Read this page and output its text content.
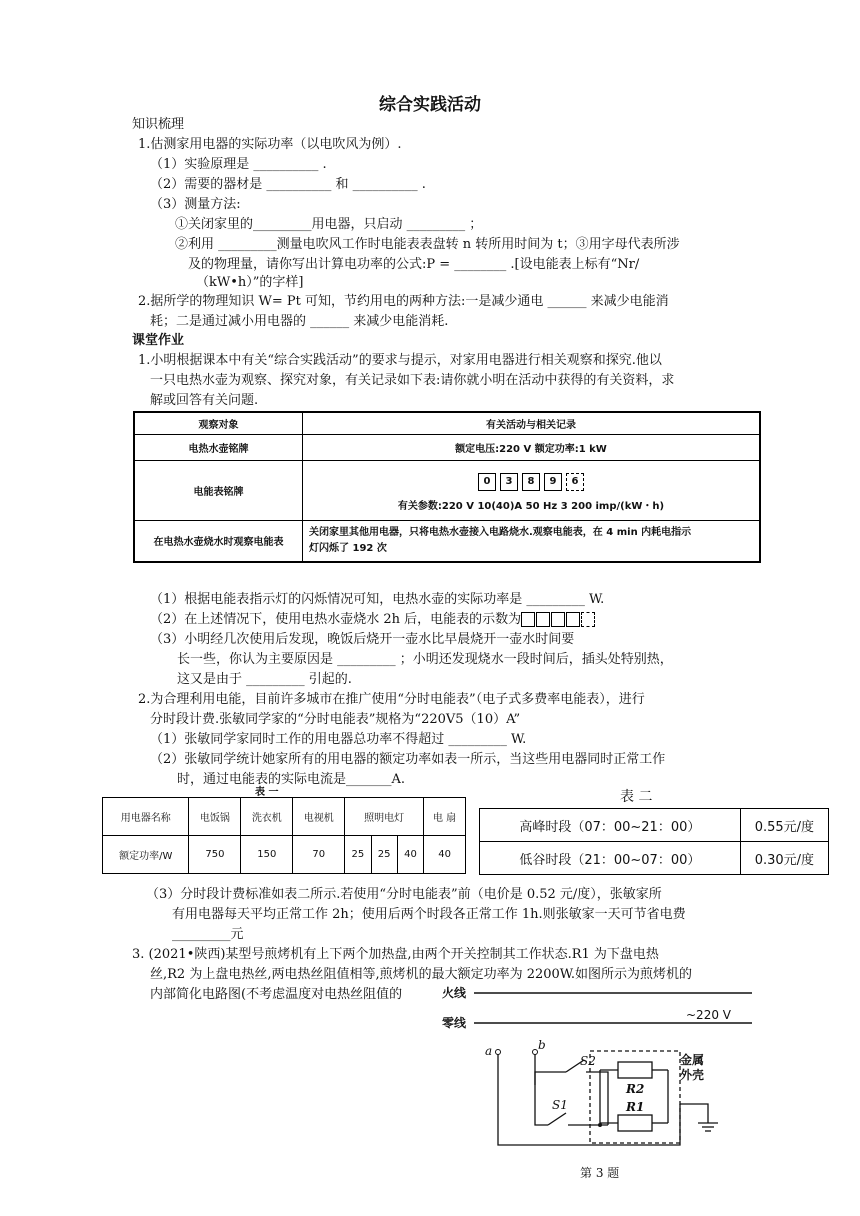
综合实践活动
知识梳理
1.估测家用电器的实际功率（以电吹风为例）.
（1）实验原理是 __________ .
（2）需要的器材是 __________ 和 __________ .
（3）测量方法:
①关闭家里的_________用电器，只启动 _________ ；
②利用 _________测量电吹风工作时电能表表盘转 n 转所用时间为 t；③用字母代表所涉
及的物理量，请你写出计算电功率的公式:P = ________ .[设电能表上标有“Nr/
（kW•h）”的字样]
2.据所学的物理知识 W= Pt 可知，节约用电的两种方法:一是减少通电 ______ 来减少电能消
耗；二是通过减小用电器的 ______ 来减少电能消耗.
课堂作业
1.小明根据课本中有关“综合实践活动”的要求与提示，对家用电器进行相关观察和探究.他以
一只电热水壶为观察、探究对象，有关记录如下表:请你就小明在活动中获得的有关资料，求
解或回答有关问题.
观察对象	有关活动与相关记录
电热水壶铭牌	额定电压:220 V 额定功率:1 kW
电能表铭牌	0 3 8 9 6
有关参数:220 V 10(40)A 50 Hz 3 200 imp/(kW・h)

在电热水壶烧水时观察电能表	关闭家里其他用电器，只将电热水壶接入电路烧水.观察电能表，在 4 min 内耗电指示
灯闪烁了 192 次
（1）根据电能表指示灯的闪烁情况可知，电热水壶的实际功率是 _________ W.
（2）在上述情况下，使用电热水壶烧水 2h 后，电能表的示数为
（3）小明经几次使用后发现，晚饭后烧开一壶水比早晨烧开一壶水时间要
长一些，你认为主要原因是 _________ ；小明还发现烧水一段时间后，插头处特别热，
这又是由于 _________ 引起的.
2.为合理利用电能，目前许多城市在推广使用“分时电能表”（电子式多费率电能表），进行
分时段计费.张敏同学家的“分时电能表”规格为“220V5（10）A”
（1）张敏同学家同时工作的用电器总功率不得超过 _________ W.
（2）张敏同学统计她家所有的用电器的额定功率如表一所示，当这些用电器同时正常工作
时，通过电能表的实际电流是_______A.
表 一
用电器名称	电饭锅	洗衣机	电视机	照明电灯			电 扇
额定功率/W	750	150	70	25	25	40	40
表 二
高峰时段（07：00~21：00）	0.55元/度
低谷时段（21：00~07：00）	0.30元/度
（3）分时段计费标准如表二所示.若使用“分时电能表”前（电价是 0.52 元/度），张敏家所
有用电器每天平均正常工作 2h；使用后两个时段各正常工作 1h.则张敏家一天可节省电费
_________元
3. (2021•陕西)某型号煎烤机有上下两个加热盘,由两个开关控制其工作状态.R1 为下盘电热
丝,R2 为上盘电热丝,两电热丝阻值相等,煎烤机的最大额定功率为 2200W.如图所示为煎烤机的
内部简化电路图(不考虑温度对电热丝阻值的	火线
零线
~220 V
a	b
S2
S1
R2
R1
金属外壳
第 3 题
